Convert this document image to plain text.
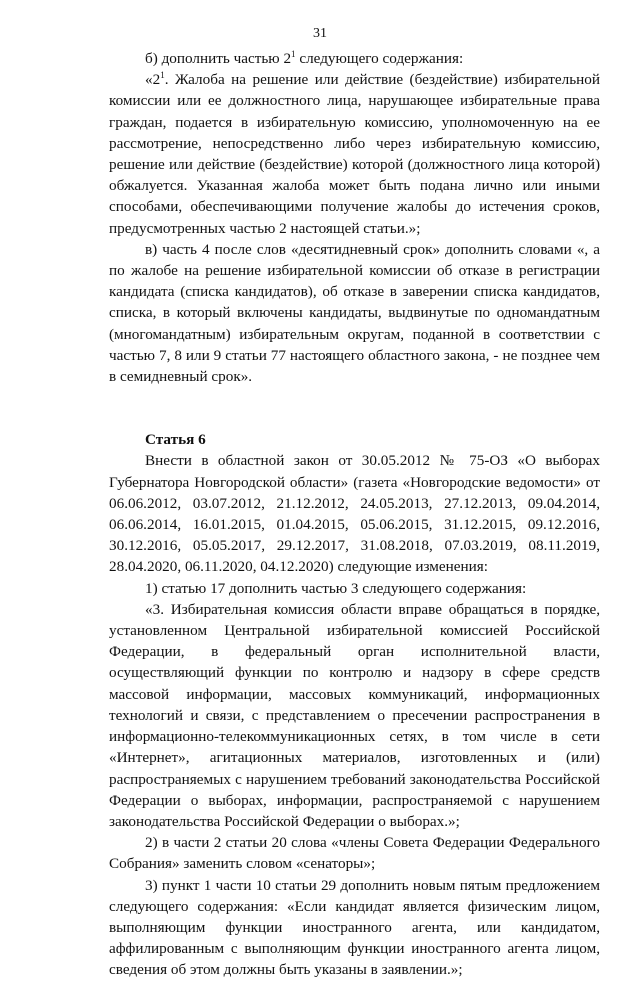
31

б) дополнить частью $2^1$ следующего содержания:

«$2^1$. Жалоба на решение или действие (бездействие) избирательной комиссии или ее должностного лица, нарушающее избирательные права граждан, подается в избирательную комиссию, уполномоченную на ее рассмотрение, непосредственно либо через избирательную комиссию, решение или действие (бездействие) которой (должностного лица которой) обжалуется. Указанная жалоба может быть подана лично или иными способами, обеспечивающими получение жалобы до истечения сроков, предусмотренных частью 2 настоящей статьи.»;

в) часть 4 после слов «десятидневный срок» дополнить словами «, а по жалобе на решение избирательной комиссии об отказе в регистрации кандидата (списка кандидатов), об отказе в заверении списка кандидатов, списка, в который включены кандидаты, выдвинутые по одномандатным (многомандатным) избирательным округам, поданной в соответствии с частью 7, 8 или 9 статьи 77 настоящего областного закона, - не позднее чем в семидневный срок».

Статья 6

Внести в областной закон от 30.05.2012 № 75-ОЗ «О выборах Губернатора Новгородской области» (газета «Новгородские ведомости» от 06.06.2012, 03.07.2012, 21.12.2012, 24.05.2013, 27.12.2013, 09.04.2014, 06.06.2014, 16.01.2015, 01.04.2015, 05.06.2015, 31.12.2015, 09.12.2016, 30.12.2016, 05.05.2017, 29.12.2017, 31.08.2018, 07.03.2019, 08.11.2019, 28.04.2020, 06.11.2020, 04.12.2020) следующие изменения:

1) статью 17 дополнить частью 3 следующего содержания:

«3. Избирательная комиссия области вправе обращаться в порядке, установленном Центральной избирательной комиссией Российской Федерации, в федеральный орган исполнительной власти, осуществляющий функции по контролю и надзору в сфере средств массовой информации, массовых коммуникаций, информационных технологий и связи, с представлением о пресечении распространения в информационно-телекоммуникационных сетях, в том числе в сети «Интернет», агитационных материалов, изготовленных и (или) распространяемых с нарушением требований законодательства Российской Федерации о выборах, информации, распространяемой с нарушением законодательства Российской Федерации о выборах.»;

2) в части 2 статьи 20 слова «члены Совета Федерации Федерального Собрания» заменить словом «сенаторы»;

3) пункт 1 части 10 статьи 29 дополнить новым пятым предложением следующего содержания: «Если кандидат является физическим лицом, выполняющим функции иностранного агента, или кандидатом, аффилированным с выполняющим функции иностранного агента лицом, сведения об этом должны быть указаны в заявлении.»;
